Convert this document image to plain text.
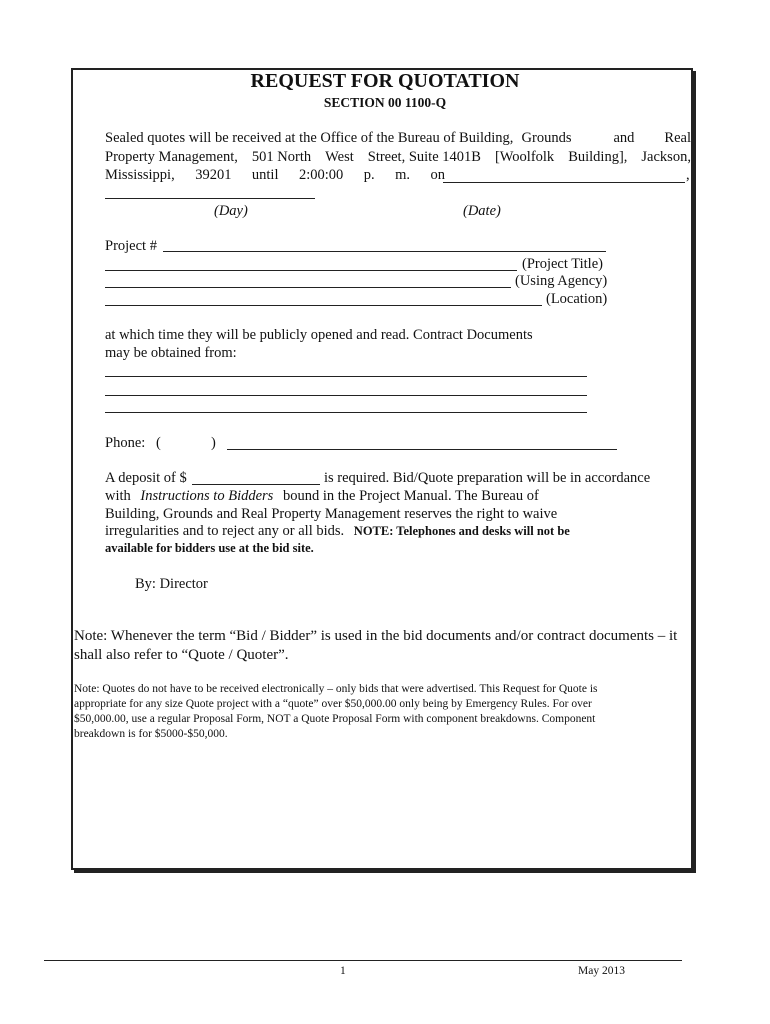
REQUEST FOR QUOTATION
SECTION 00 1100-Q
Sealed quotes will be received at the Office of the Bureau of Building, Grounds	and Real
Property Management, 501 North West Street, Suite 1401B [Woolfolk Building], Jackson,
Mississippi, 39201 until 2:00:00 p. m. on	,
(Day)	(Date)
Project #
(Project Title)
(Using Agency)
(Location)
at which time they will be publicly opened and read. Contract Documents
may be obtained from:
Phone: (	)
A deposit of $	is required. Bid/Quote preparation will be in accordance
with Instructions to Bidders bound in the Project Manual. The Bureau of
Building, Grounds and Real Property Management reserves the right to waive
irregularities and to reject any or all bids. NOTE: Telephones and desks will not be
available for bidders use at the bid site.
By: Director
Note: Whenever the term “Bid / Bidder” is used in the bid documents and/or contract documents – it
shall also refer to “Quote / Quoter”.
Note: Quotes do not have to be received electronically – only bids that were advertised. This Request for Quote is
appropriate for any size Quote project with a “quote” over $50,000.00 only being by Emergency Rules. For over
$50,000.00, use a regular Proposal Form, NOT a Quote Proposal Form with component breakdowns. Component
breakdown is for $5000-$50,000.
1	May 2013
